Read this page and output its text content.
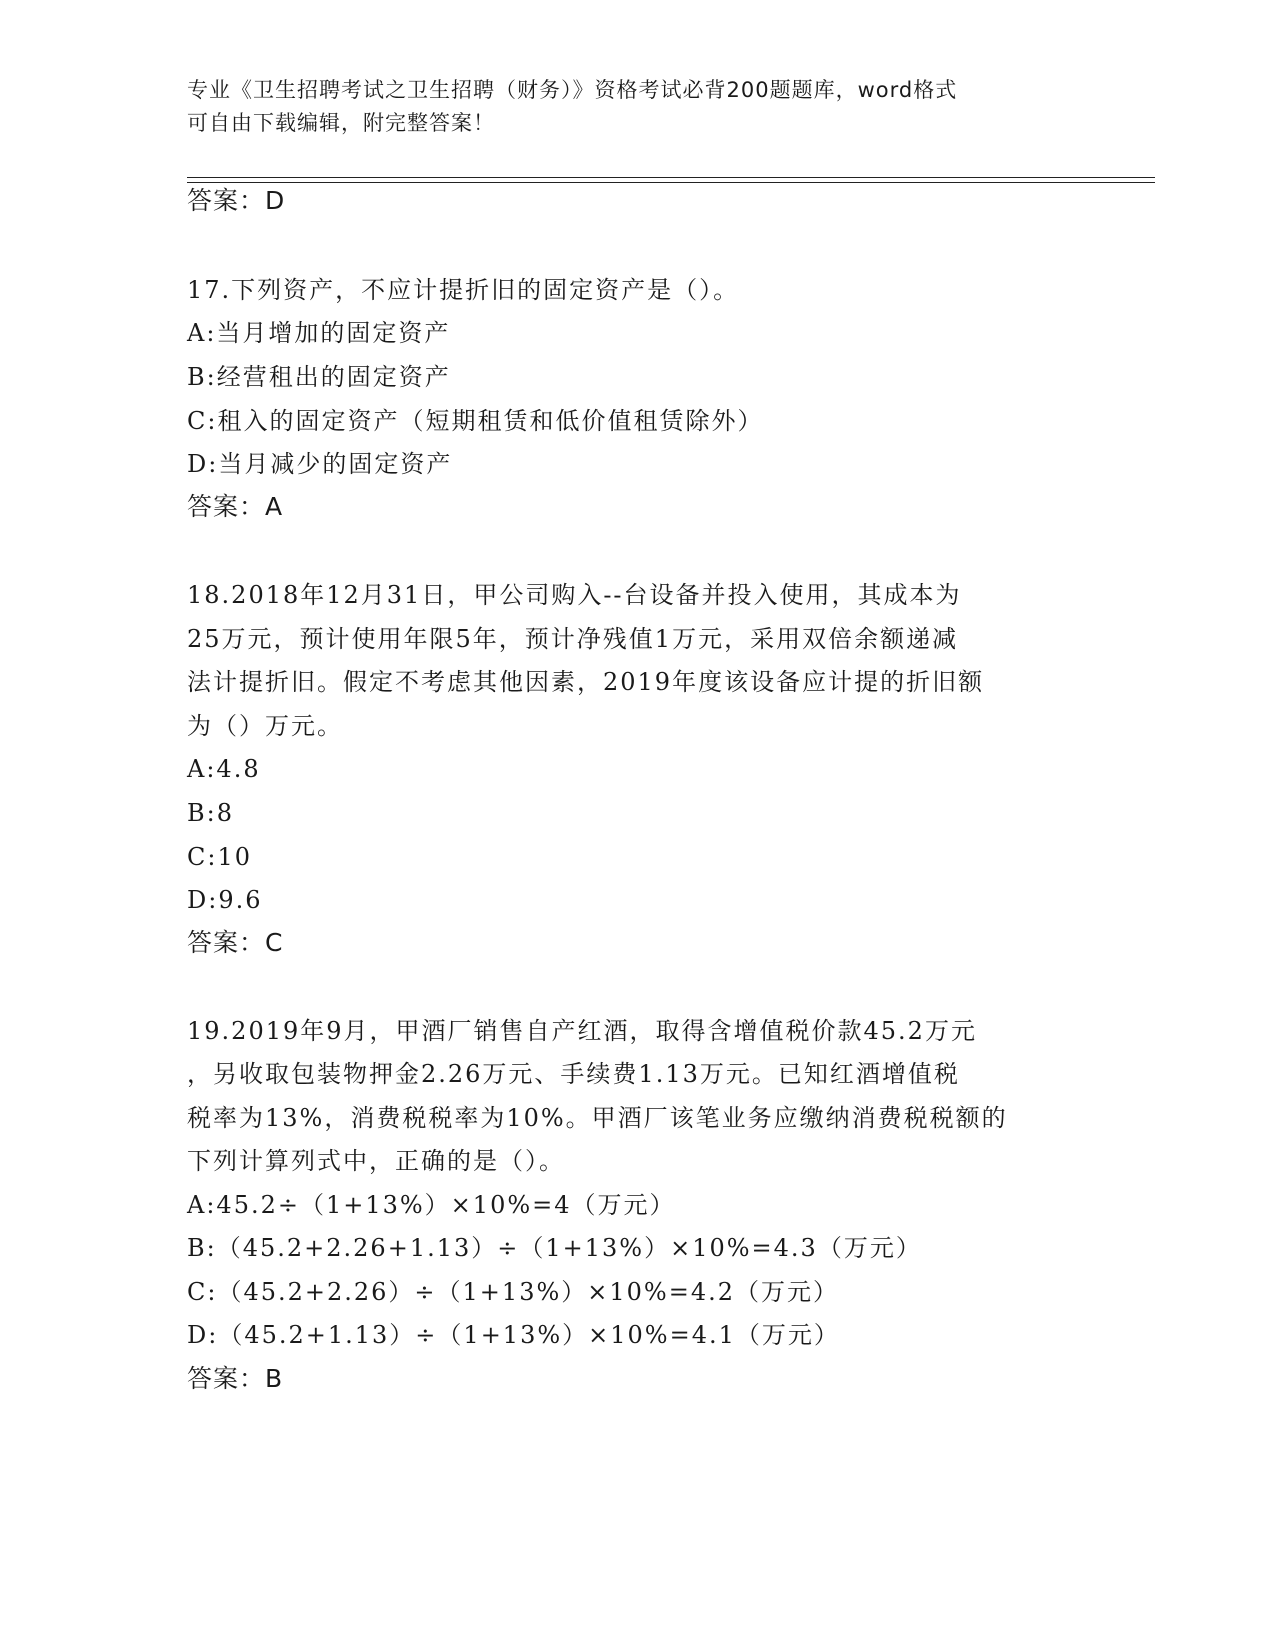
专业《卫生招聘考试之卫生招聘（财务）》资格考试必背200题题库，word格式
可自由下载编辑，附完整答案！
答案：D
17.下列资产，不应计提折旧的固定资产是（）。
A:当月增加的固定资产
B:经营租出的固定资产
C:租入的固定资产（短期租赁和低价值租赁除外）
D:当月减少的固定资产
答案：A
18.2018年12月31日，甲公司购入--台设备并投入使用，其成本为
25万元，预计使用年限5年，预计净残值1万元，采用双倍余额递减
法计提折旧。假定不考虑其他因素，2019年度该设备应计提的折旧额
为（）万元。
A:4.8
B:8
C:10
D:9.6
答案：C
19.2019年9月，甲酒厂销售自产红酒，取得含增值税价款45.2万元
，另收取包装物押金2.26万元、手续费1.13万元。已知红酒增值税
税率为13%，消费税税率为10%。甲酒厂该笔业务应缴纳消费税税额的
下列计算列式中，正确的是（）。
A:45.2÷（1+13%）×10%=4（万元）
B:（45.2+2.26+1.13）÷（1+13%）×10%=4.3（万元）
C:（45.2+2.26）÷（1+13%）×10%=4.2（万元）
D:（45.2+1.13）÷（1+13%）×10%=4.1（万元）
答案：B
